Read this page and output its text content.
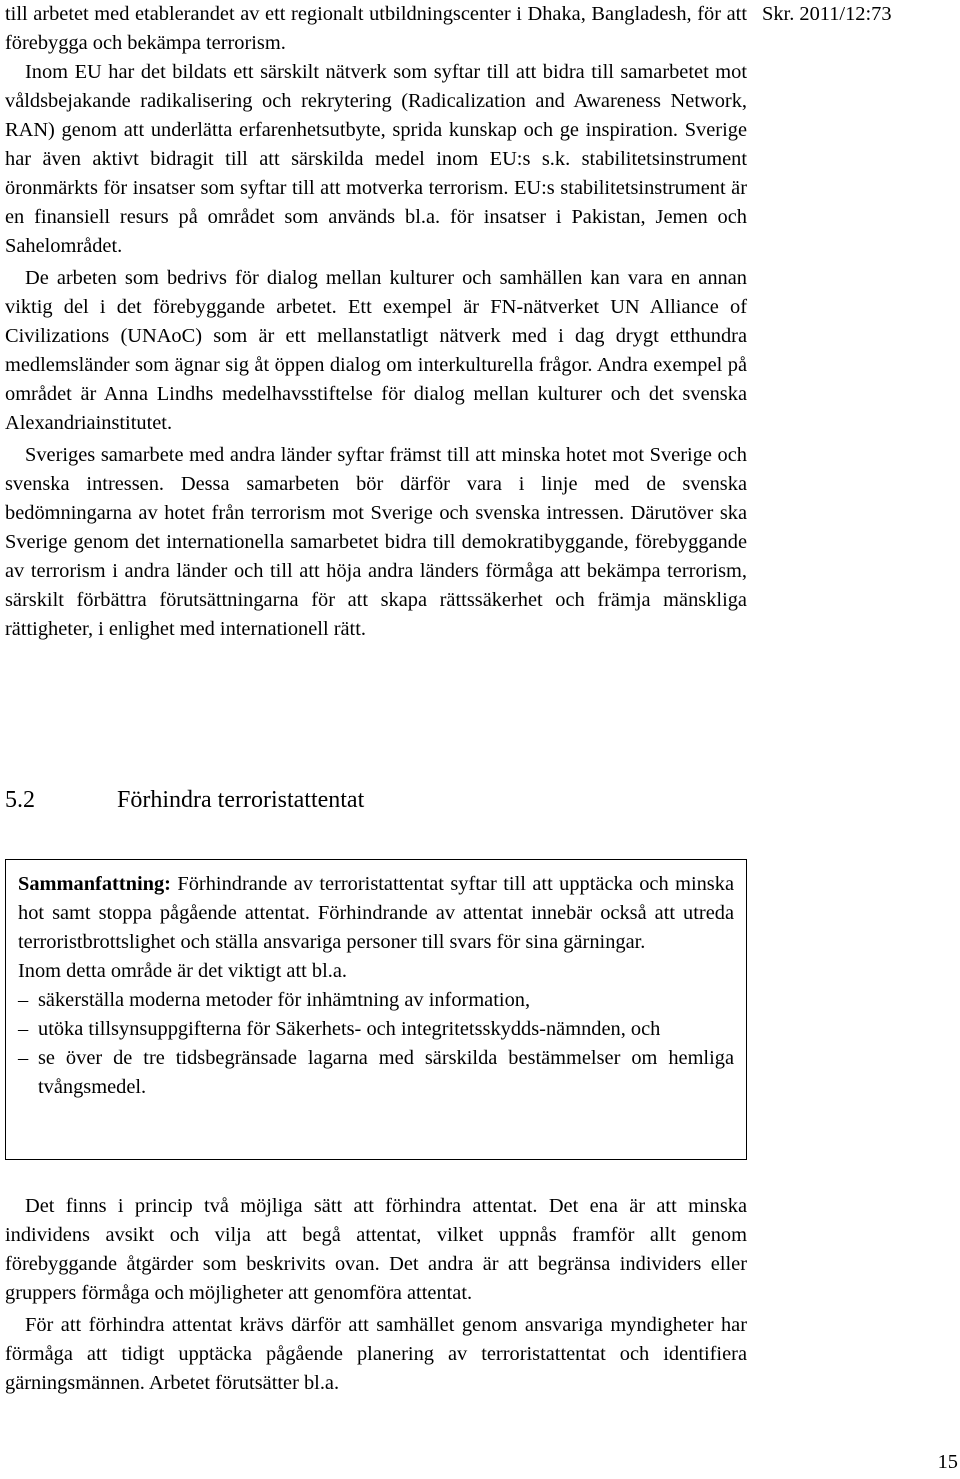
Skr. 2011/12:73

till arbetet med etablerandet av ett regionalt utbildningscenter i Dhaka, Bangladesh, för att förebygga och bekämpa terrorism.

Inom EU har det bildats ett särskilt nätverk som syftar till att bidra till samarbetet mot våldsbejakande radikalisering och rekrytering (Radicalization and Awareness Network, RAN) genom att underlätta erfarenhetsutbyte, sprida kunskap och ge inspiration. Sverige har även aktivt bidragit till att särskilda medel inom EU:s s.k. stabilitetsinstrument öronmärkts för insatser som syftar till att motverka terrorism. EU:s stabilitetsinstrument är en finansiell resurs på området som används bl.a. för insatser i Pakistan, Jemen och Sahelområdet.

De arbeten som bedrivs för dialog mellan kulturer och samhällen kan vara en annan viktig del i det förebyggande arbetet. Ett exempel är FN-nätverket UN Alliance of Civilizations (UNAoC) som är ett mellanstatligt nätverk med i dag drygt etthundra medlemsländer som ägnar sig åt öppen dialog om interkulturella frågor. Andra exempel på området är Anna Lindhs medelhavsstiftelse för dialog mellan kulturer och det svenska Alexandriainstitutet.

Sveriges samarbete med andra länder syftar främst till att minska hotet mot Sverige och svenska intressen. Dessa samarbeten bör därför vara i linje med de svenska bedömningarna av hotet från terrorism mot Sverige och svenska intressen. Därutöver ska Sverige genom det internationella samarbetet bidra till demokratibyggande, förebyggande av terrorism i andra länder och till att höja andra länders förmåga att bekämpa terrorism, särskilt förbättra förutsättningarna för att skapa rättssäkerhet och främja mänskliga rättigheter, i enlighet med internationell rätt.

5.2	Förhindra terroristattentat
Sammanfattning: Förhindrande av terroristattentat syftar till att upptäcka och minska hot samt stoppa pågående attentat. Förhindrande av attentat innebär också att utreda terroristbrottslighet och ställa ansvariga personer till svars för sina gärningar.
Inom detta område är det viktigt att bl.a.
– säkerställa moderna metoder för inhämtning av information,
– utöka tillsynsuppgifterna för Säkerhets- och integritetsskydds-nämnden, och
– se över de tre tidsbegränsade lagarna med särskilda bestämmelser om hemliga tvångsmedel.

Det finns i princip två möjliga sätt att förhindra attentat. Det ena är att minska individens avsikt och vilja att begå attentat, vilket uppnås framför allt genom förebyggande åtgärder som beskrivits ovan. Det andra är att begränsa individers eller gruppers förmåga och möjligheter att genomföra attentat.

För att förhindra attentat krävs därför att samhället genom ansvariga myndigheter har förmåga att tidigt upptäcka pågående planering av terroristattentat och identifiera gärningsmännen. Arbetet förutsätter bl.a.

15
